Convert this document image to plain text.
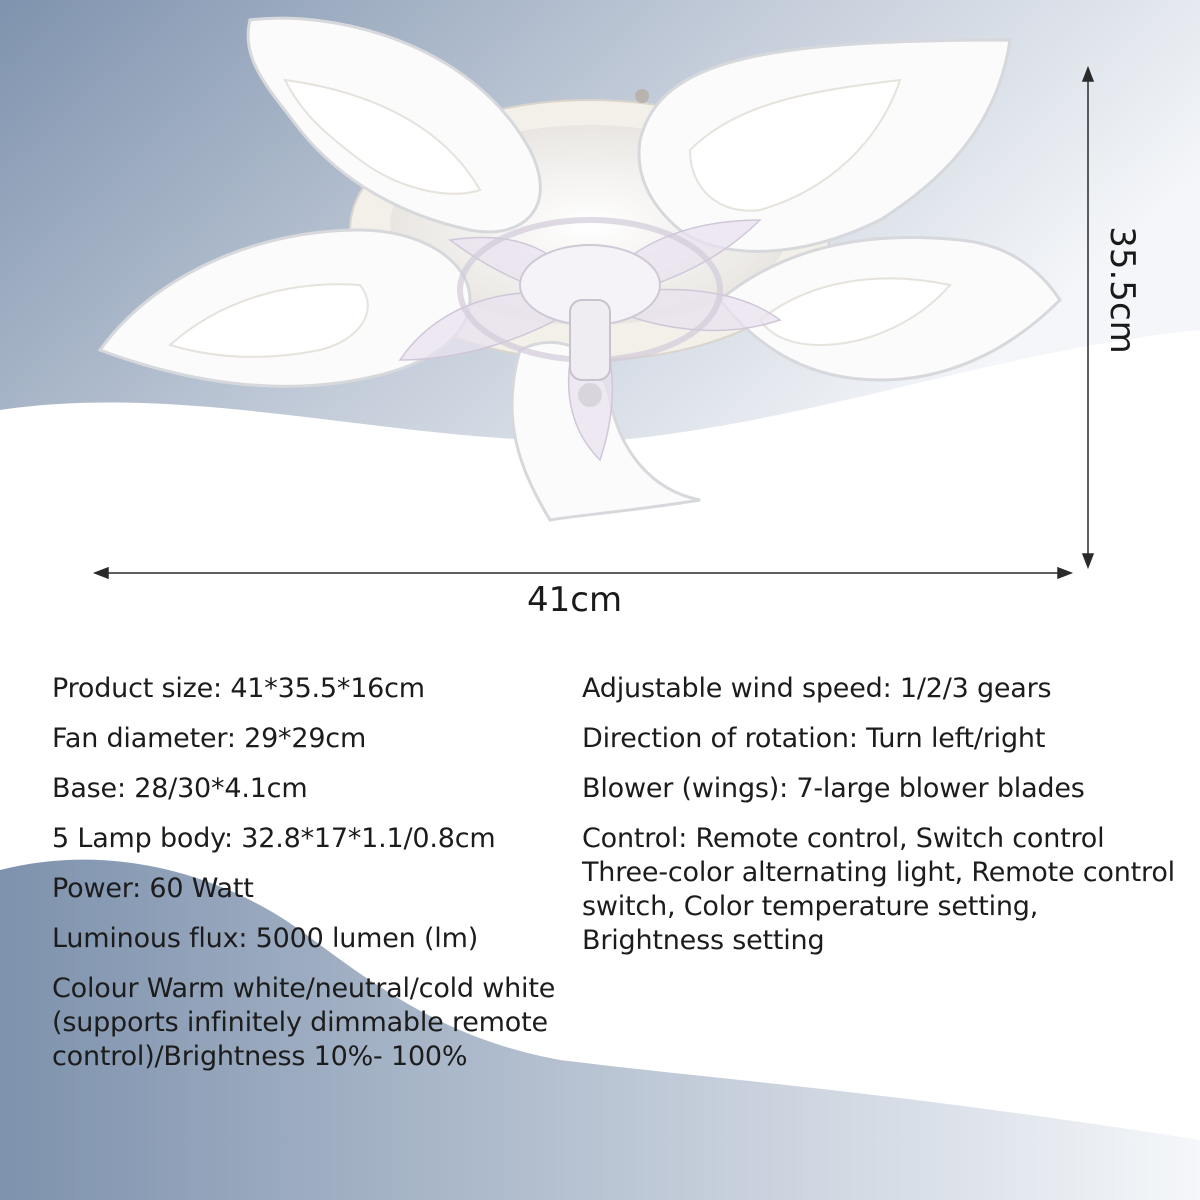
41cm
35.5cm
Product size: 41*35.5*16cm
Fan diameter: 29*29cm
Base: 28/30*4.1cm
5 Lamp body: 32.8*17*1.1/0.8cm
Power: 60 Watt
Luminous flux: 5000 lumen (lm)
Colour Warm white/neutral/cold white (supports infinitely dimmable remote control)/Brightness 10%- 100%
Adjustable wind speed: 1/2/3 gears
Direction of rotation: Turn left/right
Blower (wings): 7-large blower blades
Control: Remote control, Switch control Three-color alternating light, Remote control switch, Color temperature setting, Brightness setting
